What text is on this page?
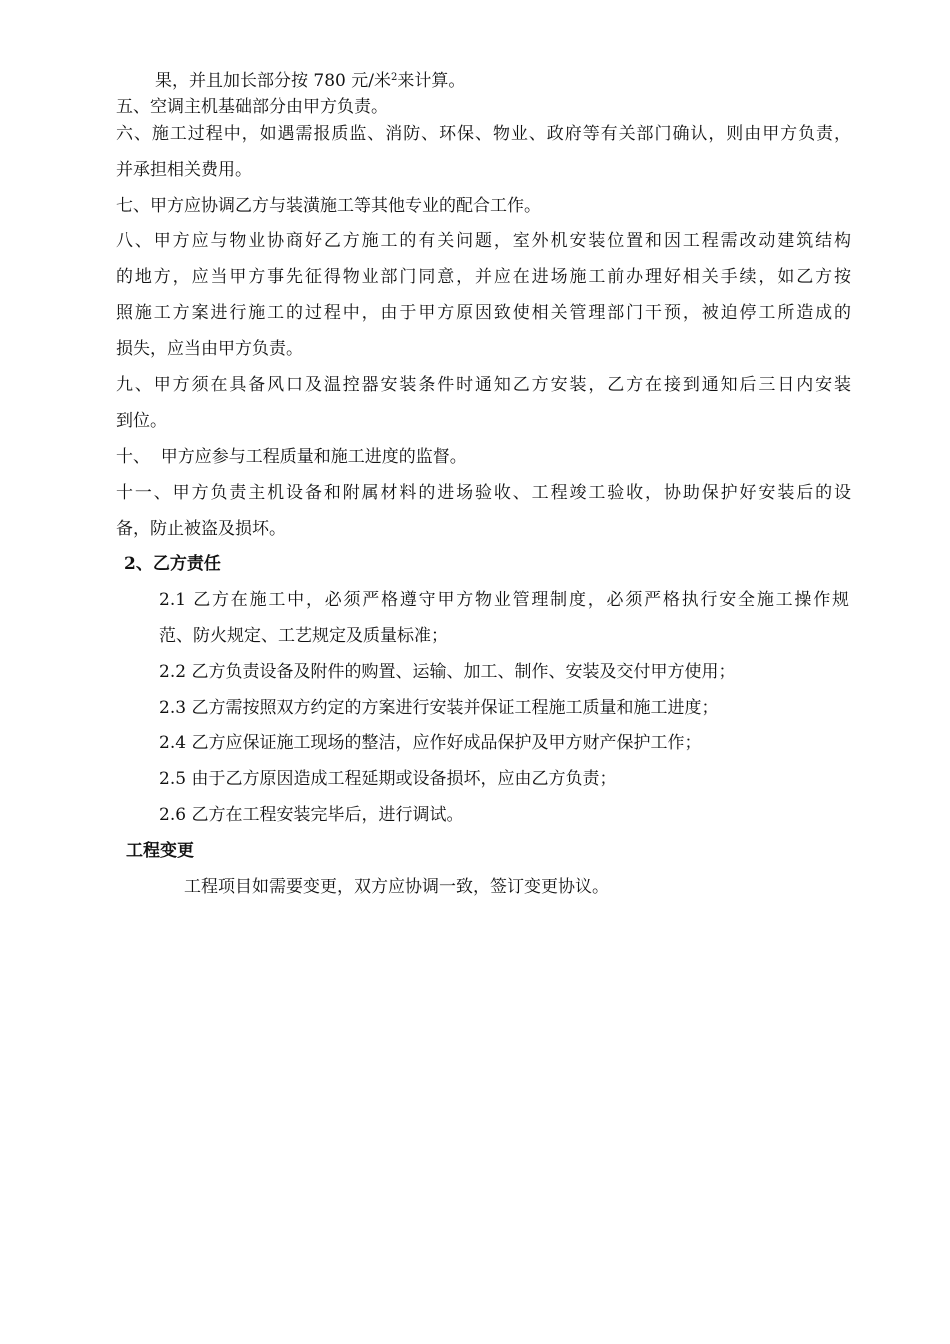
果，并且加长部分按 780 元/米$^2$来计算。
五、空调主机基础部分由甲方负责。
六、施工过程中，如遇需报质监、消防、环保、物业、政府等有关部门确认，则由甲方负责，
并承担相关费用。
七、甲方应协调乙方与装潢施工等其他专业的配合工作。
八、甲方应与物业协商好乙方施工的有关问题，室外机安装位置和因工程需改动建筑结构
的地方，应当甲方事先征得物业部门同意，并应在进场施工前办理好相关手续，如乙方按
照施工方案进行施工的过程中，由于甲方原因致使相关管理部门干预，被迫停工所造成的
损失，应当由甲方负责。
九、甲方须在具备风口及温控器安装条件时通知乙方安装，乙方在接到通知后三日内安装
到位。
十、  甲方应参与工程质量和施工进度的监督。
十一、甲方负责主机设备和附属材料的进场验收、工程竣工验收，协助保护好安装后的设
备，防止被盗及损坏。
2、乙方责任
2.1 乙方在施工中，必须严格遵守甲方物业管理制度，必须严格执行安全施工操作规
范、防火规定、工艺规定及质量标准；
2.2 乙方负责设备及附件的购置、运输、加工、制作、安装及交付甲方使用；
2.3 乙方需按照双方约定的方案进行安装并保证工程施工质量和施工进度；
2.4 乙方应保证施工现场的整洁，应作好成品保护及甲方财产保护工作；
2.5 由于乙方原因造成工程延期或设备损坏，应由乙方负责；
2.6 乙方在工程安装完毕后，进行调试。
工程变更
工程项目如需要变更，双方应协调一致，签订变更协议。
